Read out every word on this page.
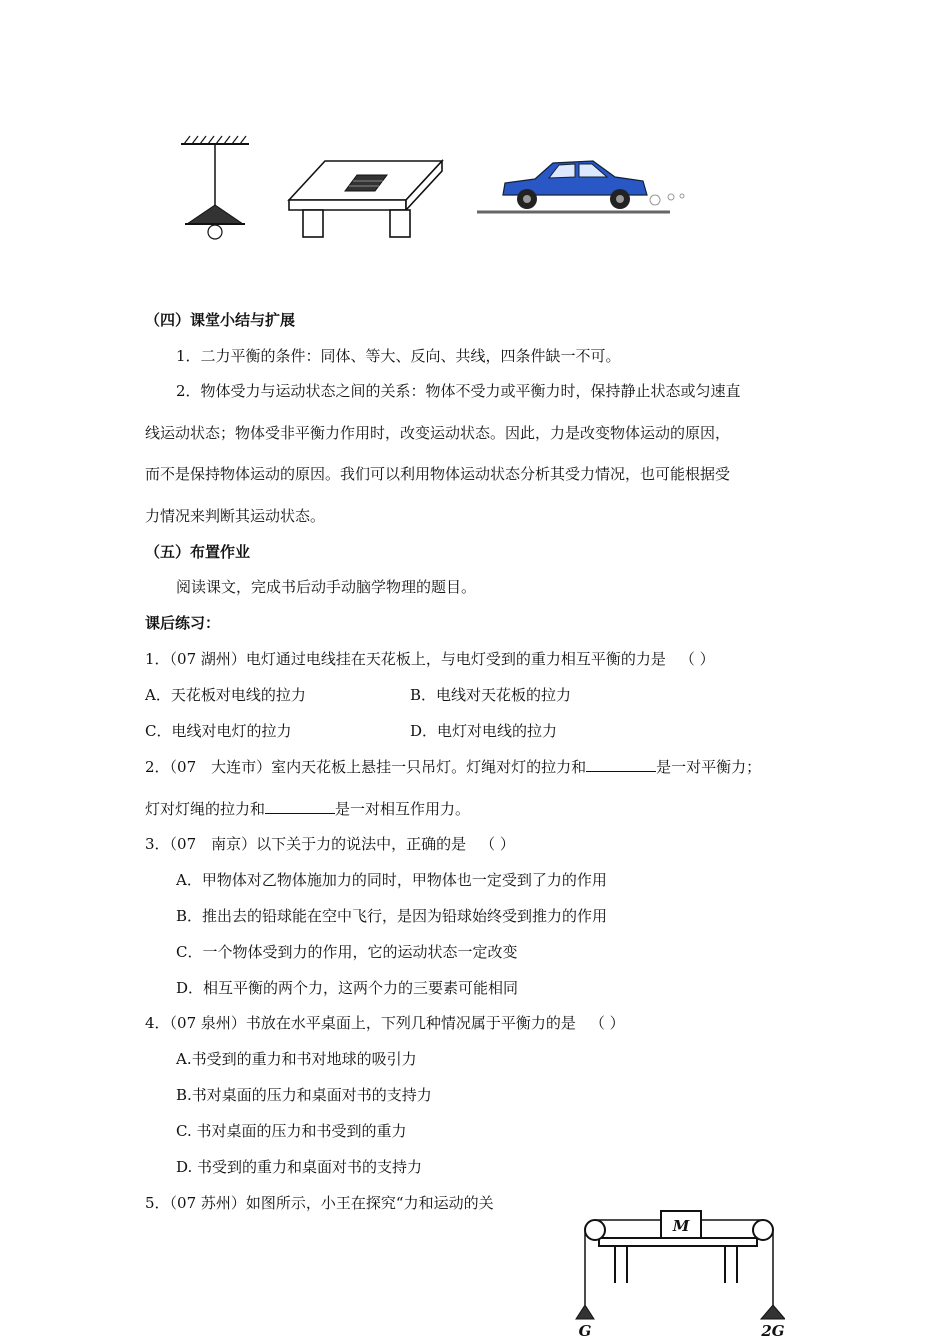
（四）课堂小结与扩展
1．二力平衡的条件：同体、等大、反向、共线，四条件缺一不可。
2．物体受力与运动状态之间的关系：物体不受力或平衡力时，保持静止状态或匀速直
线运动状态；物体受非平衡力作用时，改变运动状态。因此，力是改变物体运动的原因，
而不是保持物体运动的原因。我们可以利用物体运动状态分析其受力情况，也可能根据受
力情况来判断其运动状态。
（五）布置作业
阅读课文，完成书后动手动脑学物理的题目。
课后练习：
1．（07 湖州）电灯通过电线挂在天花板上，与电灯受到的重力相互平衡的力是 （ ）
A．天花板对电线的拉力	B．电线对天花板的拉力
C．电线对电灯的拉力	D．电灯对电线的拉力
2．（07　大连市）室内天花板上悬挂一只吊灯。灯绳对灯的拉力和	是一对平衡力；
灯对灯绳的拉力和	是一对相互作用力。
3．（07　南京）以下关于力的说法中，正确的是 （ ）
A．甲物体对乙物体施加力的同时，甲物体也一定受到了力的作用
B．推出去的铅球能在空中飞行，是因为铅球始终受到推力的作用
C．一个物体受到力的作用，它的运动状态一定改变
D．相互平衡的两个力，这两个力的三要素可能相同
4．（07 泉州）书放在水平桌面上，下列几种情况属于平衡力的是 （ ）
A.书受到的重力和书对地球的吸引力
B.书对桌面的压力和桌面对书的支持力
C. 书对桌面的压力和书受到的重力
D. 书受到的重力和桌面对书的支持力
5．（07 苏州）如图所示，小王在探究“力和运动的关
M
G	2G
